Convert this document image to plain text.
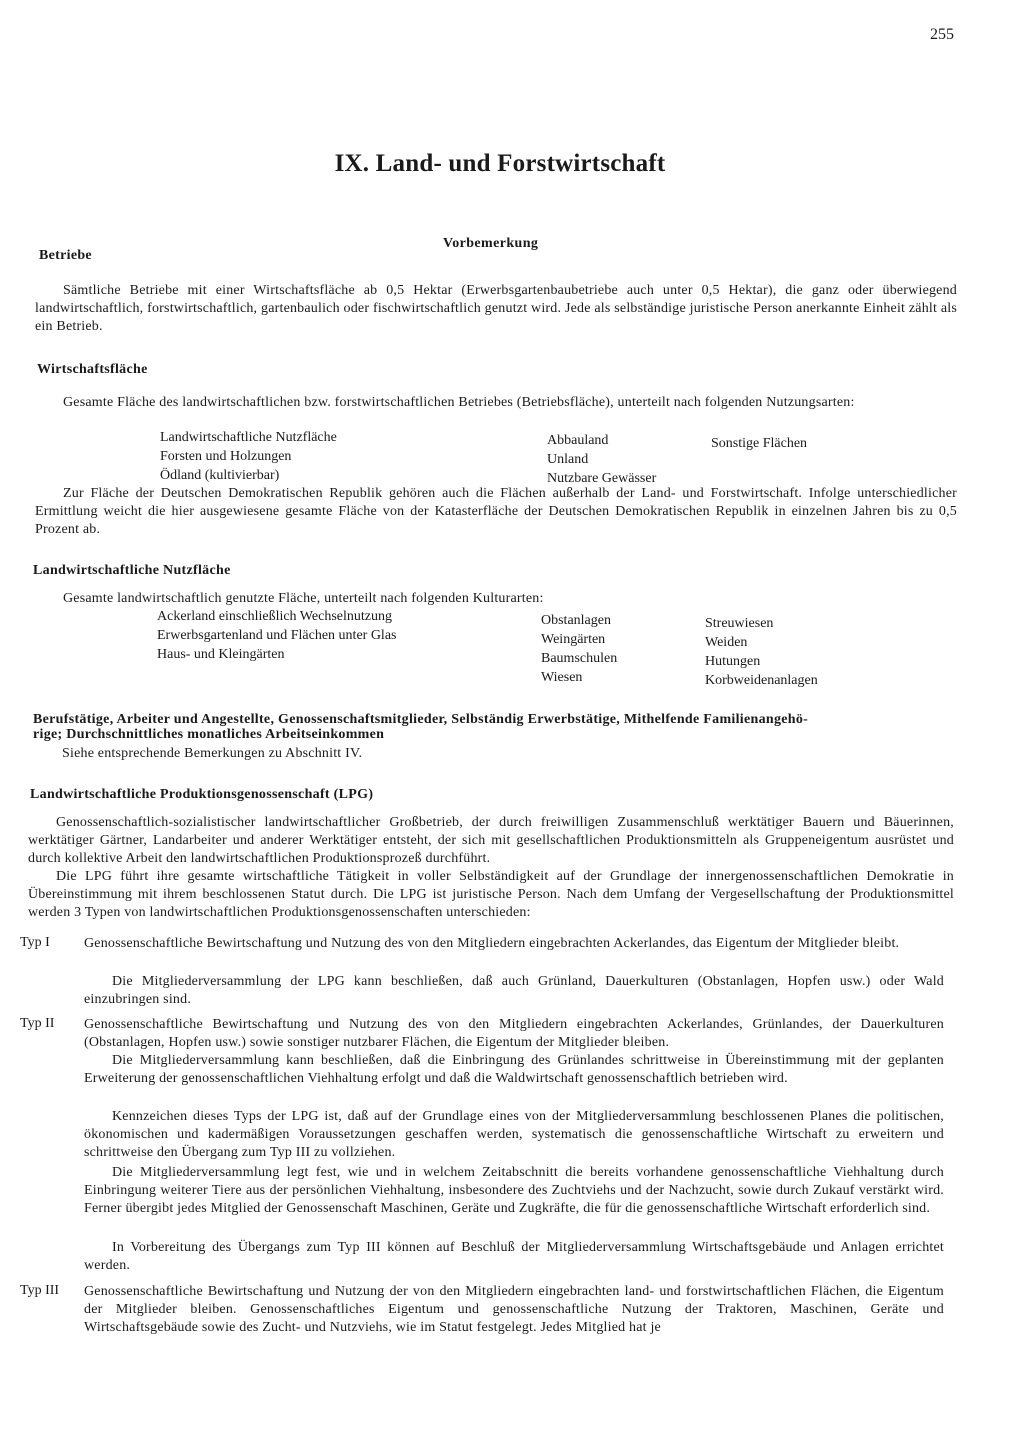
255
IX. Land- und Forstwirtschaft
Betriebe
Vorbemerkung
Sämtliche Betriebe mit einer Wirtschaftsfläche ab 0,5 Hektar (Erwerbsgartenbaubetriebe auch unter 0,5 Hektar), die ganz oder überwiegend landwirtschaftlich, forstwirtschaftlich, gartenbaulich oder fischwirtschaftlich genutzt wird. Jede als selbständige juristische Person anerkannte Einheit zählt als ein Betrieb.
Wirtschaftsfläche
Gesamte Fläche des landwirtschaftlichen bzw. forstwirtschaftlichen Betriebes (Betriebsfläche), unterteilt nach folgenden Nutzungsarten:
Landwirtschaftliche Nutzfläche
Forsten und Holzungen
Ödland (kultivierbar)
Abbauland
Unland
Nutzbare Gewässer
Sonstige Flächen
Zur Fläche der Deutschen Demokratischen Republik gehören auch die Flächen außerhalb der Land- und Forstwirtschaft. Infolge unterschiedlicher Ermittlung weicht die hier ausgewiesene gesamte Fläche von der Katasterfläche der Deutschen Demokratischen Republik in einzelnen Jahren bis zu 0,5 Prozent ab.
Landwirtschaftliche Nutzfläche
Gesamte landwirtschaftlich genutzte Fläche, unterteilt nach folgenden Kulturarten:
Ackerland einschließlich Wechselnutzung
Erwerbsgartenland und Flächen unter Glas
Haus- und Kleingärten
Obstanlagen
Weingärten
Baumschulen
Wiesen
Streuwiesen
Weiden
Hutungen
Korbweidenanlagen
Berufstätige, Arbeiter und Angestellte, Genossenschaftsmitglieder, Selbständig Erwerbstätige, Mithelfende Familienangehö-
rige; Durchschnittliches monatliches Arbeitseinkommen
Siehe entsprechende Bemerkungen zu Abschnitt IV.
Landwirtschaftliche Produktionsgenossenschaft (LPG)
Genossenschaftlich-sozialistischer landwirtschaftlicher Großbetrieb, der durch freiwilligen Zusammenschluß werktätiger Bauern und Bäuerinnen, werktätiger Gärtner, Landarbeiter und anderer Werktätiger entsteht, der sich mit gesellschaftlichen Produktionsmitteln als Gruppeneigentum ausrüstet und durch kollektive Arbeit den landwirtschaftlichen Produktionsprozeß durchführt.
Die LPG führt ihre gesamte wirtschaftliche Tätigkeit in voller Selbständigkeit auf der Grundlage der innergenossenschaftlichen Demokratie in Übereinstimmung mit ihrem beschlossenen Statut durch. Die LPG ist juristische Person. Nach dem Umfang der Vergesellschaftung der Produktionsmittel werden 3 Typen von landwirtschaftlichen Produktionsgenossenschaften unterschieden:
Typ I Genossenschaftliche Bewirtschaftung und Nutzung des von den Mitgliedern eingebrachten Ackerlandes, das Eigentum der Mitglieder bleibt.
Die Mitgliederversammlung der LPG kann beschließen, daß auch Grünland, Dauerkulturen (Obstanlagen, Hopfen usw.) oder Wald einzubringen sind.
Typ II Genossenschaftliche Bewirtschaftung und Nutzung des von den Mitgliedern eingebrachten Ackerlandes, Grünlandes, der Dauerkulturen (Obstanlagen, Hopfen usw.) sowie sonstiger nutzbarer Flächen, die Eigentum der Mitglieder bleiben.
Die Mitgliederversammlung kann beschließen, daß die Einbringung des Grünlandes schrittweise in Übereinstimmung mit der geplanten Erweiterung der genossenschaftlichen Viehhaltung erfolgt und daß die Waldwirtschaft genossenschaftlich betrieben wird.
Kennzeichen dieses Typs der LPG ist, daß auf der Grundlage eines von der Mitgliederversammlung beschlossenen Planes die politischen, ökonomischen und kadermäßigen Voraussetzungen geschaffen werden, systematisch die genossenschaftliche Wirtschaft zu erweitern und schrittweise den Übergang zum Typ III zu vollziehen.
Die Mitgliederversammlung legt fest, wie und in welchem Zeitabschnitt die bereits vorhandene genossenschaftliche Viehhaltung durch Einbringung weiterer Tiere aus der persönlichen Viehhaltung, insbesondere des Zuchtviehs und der Nachzucht, sowie durch Zukauf verstärkt wird. Ferner übergibt jedes Mitglied der Genossenschaft Maschinen, Geräte und Zugkräfte, die für die genossenschaftliche Wirtschaft erforderlich sind.
In Vorbereitung des Übergangs zum Typ III können auf Beschluß der Mitgliederversammlung Wirtschaftsgebäude und Anlagen errichtet werden.
Typ III Genossenschaftliche Bewirtschaftung und Nutzung der von den Mitgliedern eingebrachten land- und forstwirtschaftlichen Flächen, die Eigentum der Mitglieder bleiben. Genossenschaftliches Eigentum und genossenschaftliche Nutzung der Traktoren, Maschinen, Geräte und Wirtschaftsgebäude sowie des Zucht- und Nutzviehs, wie im Statut festgelegt. Jedes Mitglied hat je
